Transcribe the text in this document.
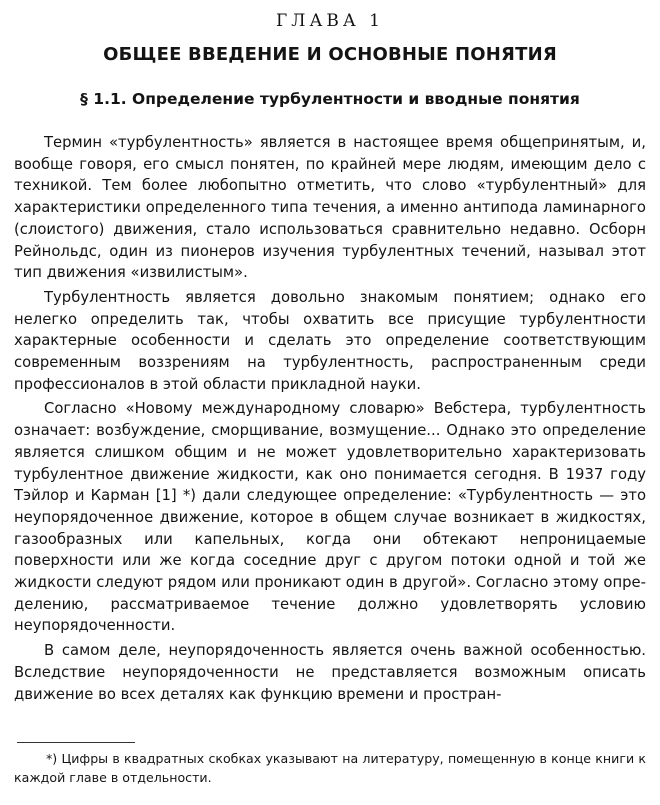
ГЛАВА 1
ОБЩЕЕ ВВЕДЕНИЕ И ОСНОВНЫЕ ПОНЯТИЯ
§ 1.1. Определение турбулентности и вводные понятия

Термин «турбулентность» является в настоящее время общепринятым, и, вообще говоря, его смысл понятен, по крайней мере людям, имеющим дело с техникой. Тем более любопытно отметить, что слово «турбулентный» для характеристики определенного типа течения, а именно антипода ламинарного (слоистого) движения, стало использоваться сравнительно недавно. Осборн Рейнольдс, один из пионеров изучения турбулентных течений, называл этот тип движения «извилистым».

Турбулентность является довольно знакомым понятием; однако его нелегко определить так, чтобы охватить все присущие турбулентности характерные особенности и сделать это определение соответствующим современным воззрениям на турбулентность, распространенным среди профессионалов в этой области прикладной науки.

Согласно «Новому международному словарю» Вебстера, турбулентность означает: возбуждение, сморщивание, возмущение... Однако это определение является слишком общим и не может удовлетворительно характеризовать турбулентное движение жидкости, как оно понимается сегодня. В 1937 году Тэйлор и Карман [1] *) дали следующее определение: «Турбулентность — это неупорядоченное движение, которое в общем случае возникает в жидкостях, газообразных или капельных, когда они обтекают непроницаемые поверхности или же когда соседние друг с другом потоки одной и той же жидкости следуют рядом или проникают один в другой». Согласно этому определению, рассматриваемое течение должно удовлетворять условию неупорядоченности.

В самом деле, неупорядоченность является очень важной особенностью. Вследствие неупорядоченности не представляется возможным описать движение во всех деталях как функцию времени и простран-

*) Цифры в квадратных скобках указывают на литературу, помещенную в конце книги к каждой главе в отдельности.
